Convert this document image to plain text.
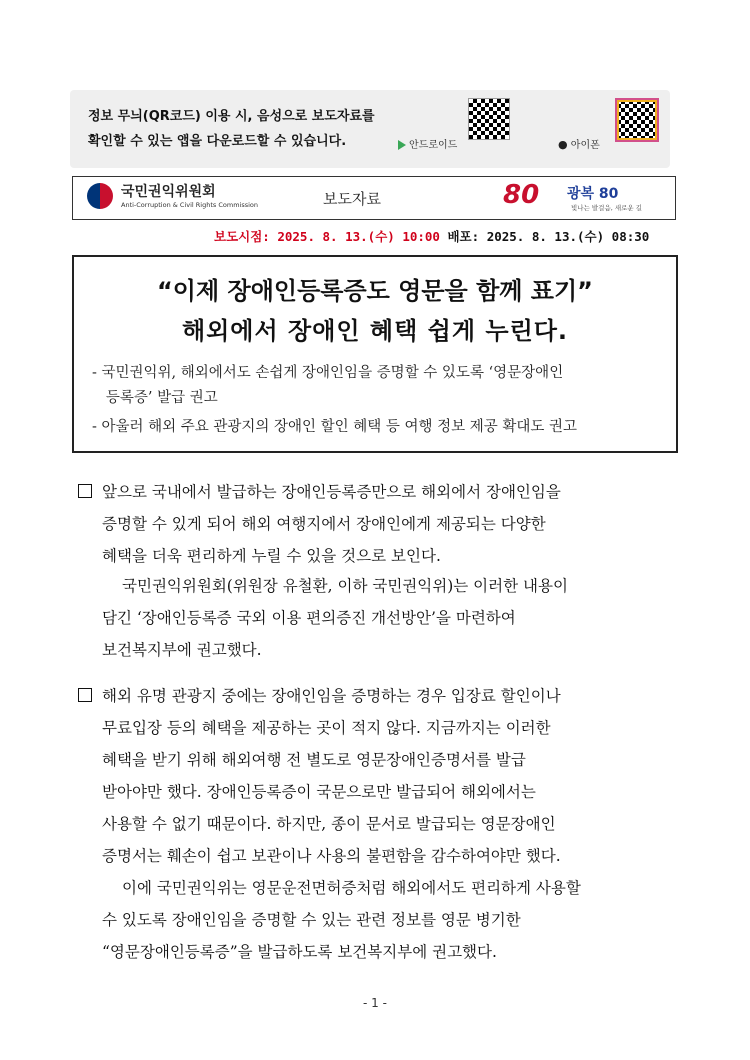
정보 무늬(QR코드) 이용 시, 음성으로 보도자료를
확인할 수 있는 앱을 다운로드할 수 있습니다.	안드로이드	● 아이폰
국민권익위원회
Anti-Corruption & Civil Rights Commission	보도자료	80 광복 80
빛나는 발걸음, 새로운 길
보도시점: 2025. 8. 13.(수) 10:00 배포: 2025. 8. 13.(수) 08:30
“이제 장애인등록증도 영문을 함께 표기”
해외에서 장애인 혜택 쉽게 누린다.
- 국민권익위, 해외에서도 손쉽게 장애인임을 증명할 수 있도록 ‘영문장애인
등록증’ 발급 권고
- 아울러 해외 주요 관광지의 장애인 할인 혜택 등 여행 정보 제공 확대도 권고
앞으로 국내에서 발급하는 장애인등록증만으로 해외에서 장애인임을
증명할 수 있게 되어 해외 여행지에서 장애인에게 제공되는 다양한
혜택을 더욱 편리하게 누릴 수 있을 것으로 보인다.
국민권익위원회(위원장 유철환, 이하 국민권익위)는 이러한 내용이
담긴 ‘장애인등록증 국외 이용 편의증진 개선방안’을 마련하여
보건복지부에 권고했다.
해외 유명 관광지 중에는 장애인임을 증명하는 경우 입장료 할인이나
무료입장 등의 혜택을 제공하는 곳이 적지 않다. 지금까지는 이러한
혜택을 받기 위해 해외여행 전 별도로 영문장애인증명서를 발급
받아야만 했다. 장애인등록증이 국문으로만 발급되어 해외에서는
사용할 수 없기 때문이다. 하지만, 종이 문서로 발급되는 영문장애인
증명서는 훼손이 쉽고 보관이나 사용의 불편함을 감수하여야만 했다.
이에 국민권익위는 영문운전면허증처럼 해외에서도 편리하게 사용할
수 있도록 장애인임을 증명할 수 있는 관련 정보를 영문 병기한
“영문장애인등록증”을 발급하도록 보건복지부에 권고했다.
- 1 -
